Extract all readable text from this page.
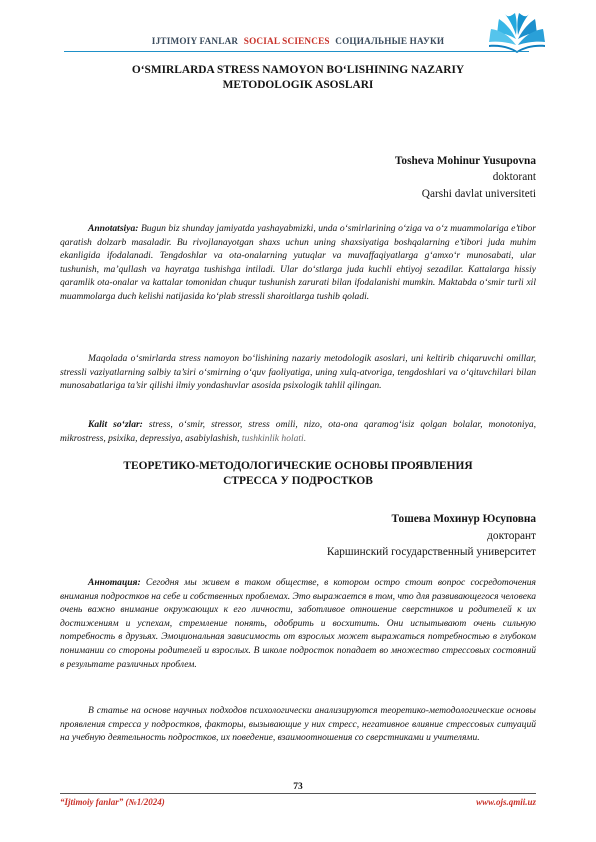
IJTIMOIY FANLAR SOCIAL SCIENCES СОЦИАЛЬНЫЕ НАУКИ
O‘SMIRLARDA STRESS NAMOYON BO‘LISHINING NAZARIY
METODOLOGIK ASOSLARI
Tosheva Mohinur Yusupovna
doktorant
Qarshi davlat universiteti

Annotatsiya: Bugun biz shunday jamiyatda yashayabmizki, unda o‘smirlarining o‘ziga va o‘z muammolariga e’tibor qaratish dolzarb masaladir. Bu rivojlanayotgan shaxs uchun uning shaxsiyatiga boshqalarning e’tibori juda muhim ekanligida ifodalanadi. Tengdoshlar va ota-onalarning yutuqlar va muvaffaqiyatlarga g‘amxo‘r munosabati, ular tushunish, ma’qullash va hayratga tushishga intiladi. Ular do‘stlarga juda kuchli ehtiyoj sezadilar. Kattalarga hissiy qaramlik ota-onalar va kattalar tomonidan chuqur tushunish zarurati bilan ifodalanishi mumkin. Maktabda o‘smir turli xil muammolarga duch kelishi natijasida ko‘plab stressli sharoitlarga tushib qoladi.

Maqolada o‘smirlarda stress namoyon bo‘lishining nazariy metodologik asoslari, uni keltirib chiqaruvchi omillar, stressli vaziyatlarning salbiy ta’siri o‘smirning o‘quv faoliyatiga, uning xulq-atvoriga, tengdoshlari va o‘qituvchilari bilan munosabatlariga ta’sir qilishi ilmiy yondashuvlar asosida psixologik tahlil qilingan.

Kalit so‘zlar: stress, o‘smir, stressor, stress omili, nizo, ota-ona qaramog‘isiz qolgan bolalar, monotoniya, mikrostress, psixika, depressiya, asabiylashish, tushkinlik holati.

ТЕОРЕТИКО-МЕТОДОЛОГИЧЕСКИЕ ОСНОВЫ ПРОЯВЛЕНИЯ
СТРЕССА У ПОДРОСТКОВ
Тошева Мохинур Юсуповна
докторант
Каршинский государственный университет

Аннотация: Сегодня мы живем в таком обществе, в котором остро стоит вопрос сосредоточения внимания подростков на себе и собственных проблемах. Это выражается в том, что для развивающегося человека очень важно внимание окружающих к его личности, заботливое отношение сверстников и родителей к их достижениям и успехам, стремление понять, одобрить и восхитить. Они испытывают очень сильную потребность в друзьях. Эмоциональная зависимость от взрослых может выражаться потребностью в глубоком понимании со стороны родителей и взрослых. В школе подросток попадает во множество стрессовых состояний в результате различных проблем.

В статье на основе научных подходов психологически анализируются теоретико-методологические основы проявления стресса у подростков, факторы, вызывающие у них стресс, негативное влияние стрессовых ситуаций на учебную деятельность подростков, их поведение, взаимоотношения со сверстниками и учителями.

73
“Ijtimoiy fanlar” (№1/2024)	www.ojs.qmii.uz
